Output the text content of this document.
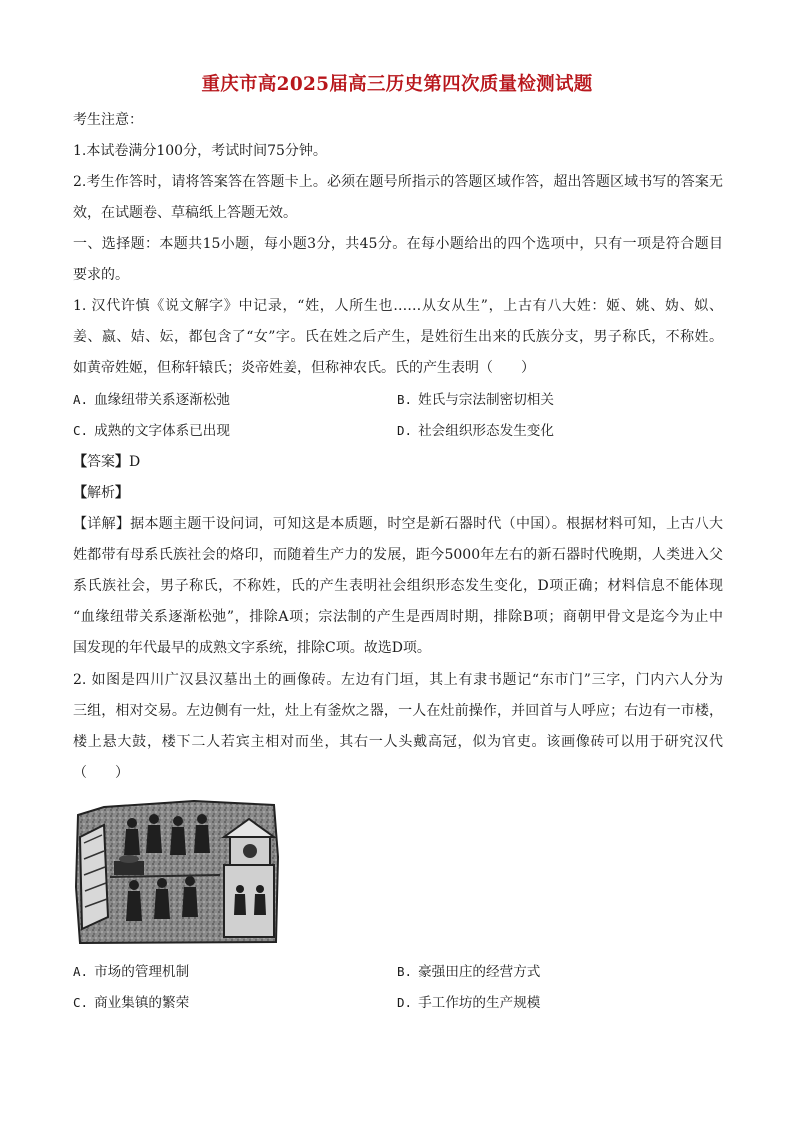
重庆市高2025届高三历史第四次质量检测试题
考生注意：
1.本试卷满分100分，考试时间75分钟。
2.考生作答时，请将答案答在答题卡上。必须在题号所指示的答题区域作答，超出答题区域书写的答案无
效，在试题卷、草稿纸上答题无效。
一、选择题：本题共15小题，每小题3分，共45分。在每小题给出的四个选项中，只有一项是符合题目
要求的。
1. 汉代许慎《说文解字》中记录，“姓，人所生也……从女从生”，上古有八大姓：姬、姚、妫、姒、
姜、嬴、姞、妘，都包含了“女”字。氏在姓之后产生，是姓衍生出来的氏族分支，男子称氏，不称姓。
如黄帝姓姬，但称轩辕氏；炎帝姓姜，但称神农氏。氏的产生表明（　　）
A. 血缘纽带关系逐渐松弛	B. 姓氏与宗法制密切相关
C. 成熟的文字体系已出现	D. 社会组织形态发生变化
【答案】D
【解析】
【详解】据本题主题干设问词，可知这是本质题，时空是新石器时代（中国）。根据材料可知，上古八大
姓都带有母系氏族社会的烙印，而随着生产力的发展，距今5000年左右的新石器时代晚期，人类进入父
系氏族社会，男子称氏，不称姓，氏的产生表明社会组织形态发生变化，D项正确；材料信息不能体现
“血缘纽带关系逐渐松弛”，排除A项；宗法制的产生是西周时期，排除B项；商朝甲骨文是迄今为止中
国发现的年代最早的成熟文字系统，排除C项。故选D项。
2. 如图是四川广汉县汉墓出土的画像砖。左边有门垣，其上有隶书题记“东市门”三字，门内六人分为
三组，相对交易。左边侧有一灶，灶上有釜炊之器，一人在灶前操作，并回首与人呼应；右边有一市楼，
楼上悬大鼓，楼下二人若宾主相对而坐，其右一人头戴高冠，似为官吏。该画像砖可以用于研究汉代
（　　）
A. 市场的管理机制	B. 豪强田庄的经营方式
C. 商业集镇的繁荣	D. 手工作坊的生产规模
